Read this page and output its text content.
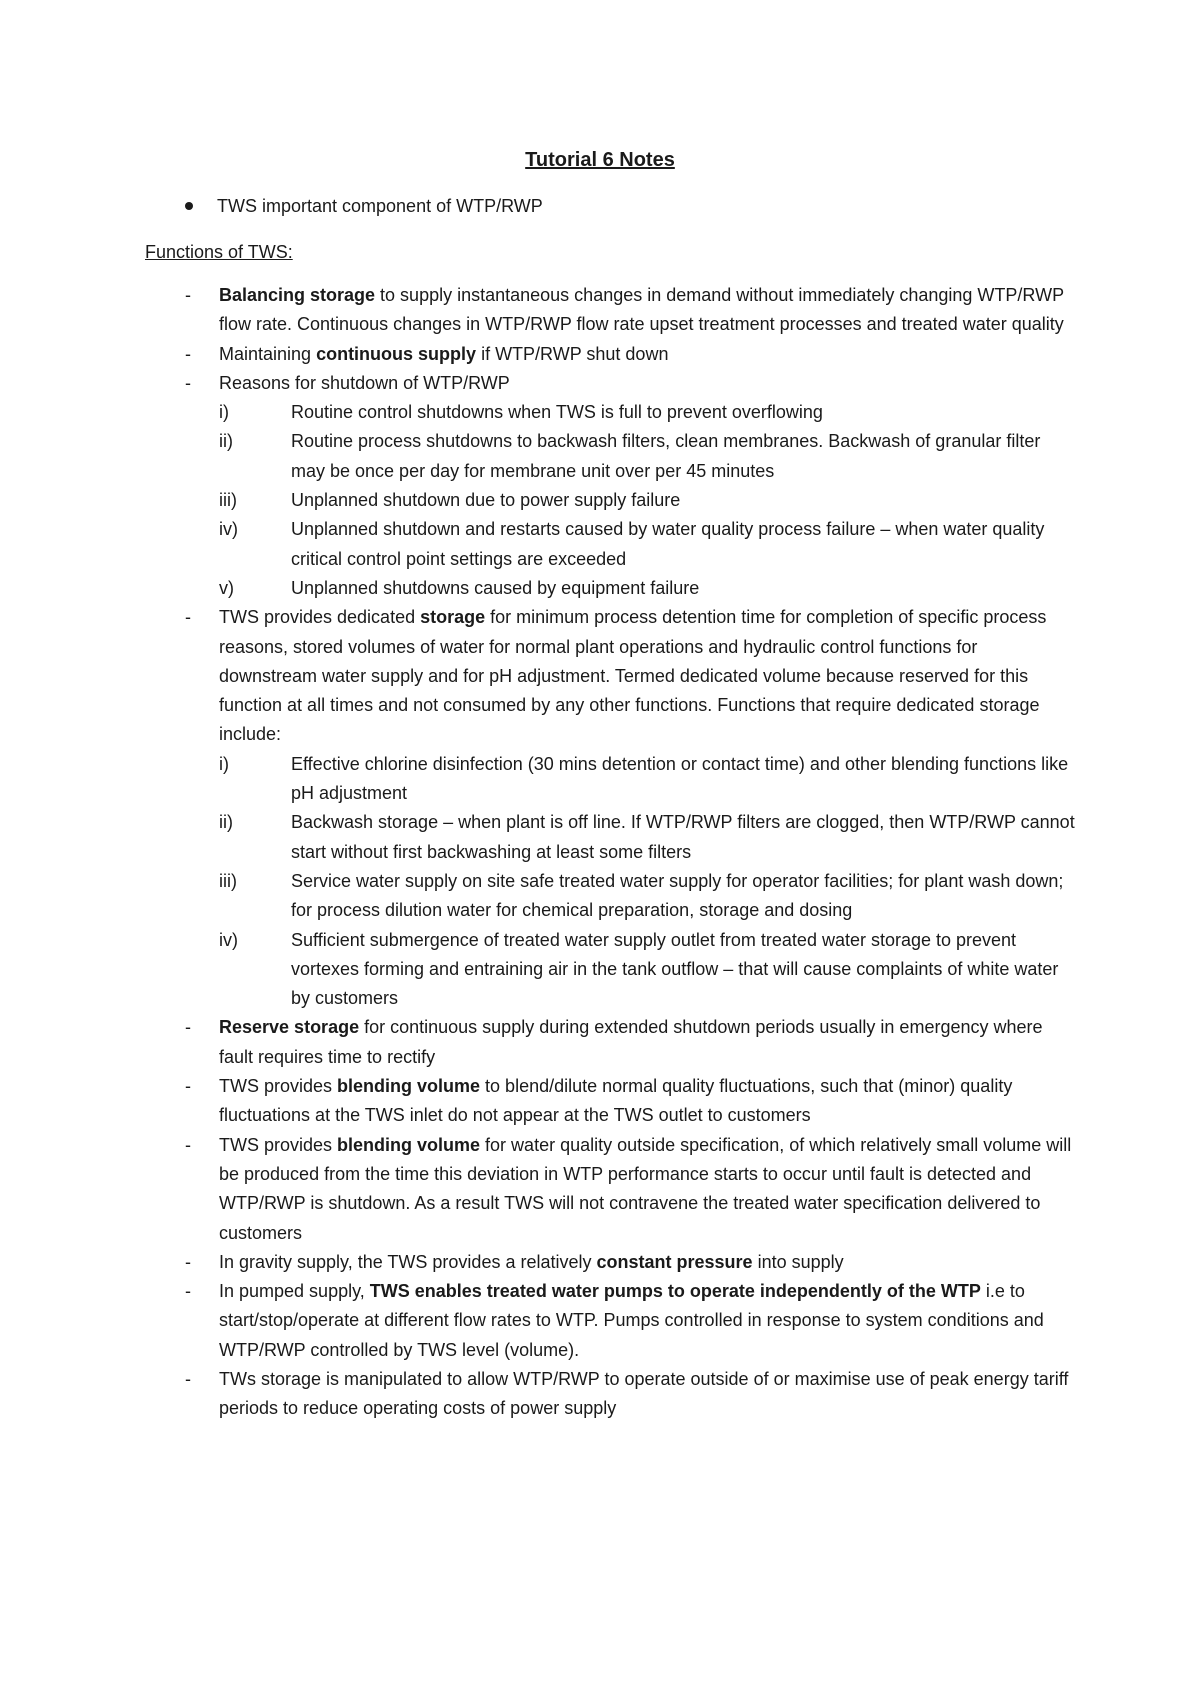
Tutorial 6 Notes
TWS important component of WTP/RWP
Functions of TWS:
- Balancing storage to supply instantaneous changes in demand without immediately changing WTP/RWP flow rate. Continuous changes in WTP/RWP flow rate upset treatment processes and treated water quality
- Maintaining continuous supply if WTP/RWP shut down
- Reasons for shutdown of WTP/RWP
i)	Routine control shutdowns when TWS is full to prevent overflowing
ii)	Routine process shutdowns to backwash filters, clean membranes. Backwash of granular filter may be once per day for membrane unit over per 45 minutes
iii)	Unplanned shutdown due to power supply failure
iv)	Unplanned shutdown and restarts caused by water quality process failure – when water quality critical control point settings are exceeded
v)	Unplanned shutdowns caused by equipment failure
- TWS provides dedicated storage for minimum process detention time for completion of specific process reasons, stored volumes of water for normal plant operations and hydraulic control functions for downstream water supply and for pH adjustment. Termed dedicated volume because reserved for this function at all times and not consumed by any other functions. Functions that require dedicated storage include:
i)	Effective chlorine disinfection (30 mins detention or contact time) and other blending functions like pH adjustment
ii)	Backwash storage – when plant is off line. If WTP/RWP filters are clogged, then WTP/RWP cannot start without first backwashing at least some filters
iii)	Service water supply on site safe treated water supply for operator facilities; for plant wash down; for process dilution water for chemical preparation, storage and dosing
iv)	Sufficient submergence of treated water supply outlet from treated water storage to prevent vortexes forming and entraining air in the tank outflow – that will cause complaints of white water by customers
- Reserve storage for continuous supply during extended shutdown periods usually in emergency where fault requires time to rectify
- TWS provides blending volume to blend/dilute normal quality fluctuations, such that (minor) quality fluctuations at the TWS inlet do not appear at the TWS outlet to customers
- TWS provides blending volume for water quality outside specification, of which relatively small volume will be produced from the time this deviation in WTP performance starts to occur until fault is detected and WTP/RWP is shutdown. As a result TWS will not contravene the treated water specification delivered to customers
- In gravity supply, the TWS provides a relatively constant pressure into supply
- In pumped supply, TWS enables treated water pumps to operate independently of the WTP i.e to start/stop/operate at different flow rates to WTP. Pumps controlled in response to system conditions and WTP/RWP controlled by TWS level (volume).
- TWs storage is manipulated to allow WTP/RWP to operate outside of or maximise use of peak energy tariff periods to reduce operating costs of power supply
